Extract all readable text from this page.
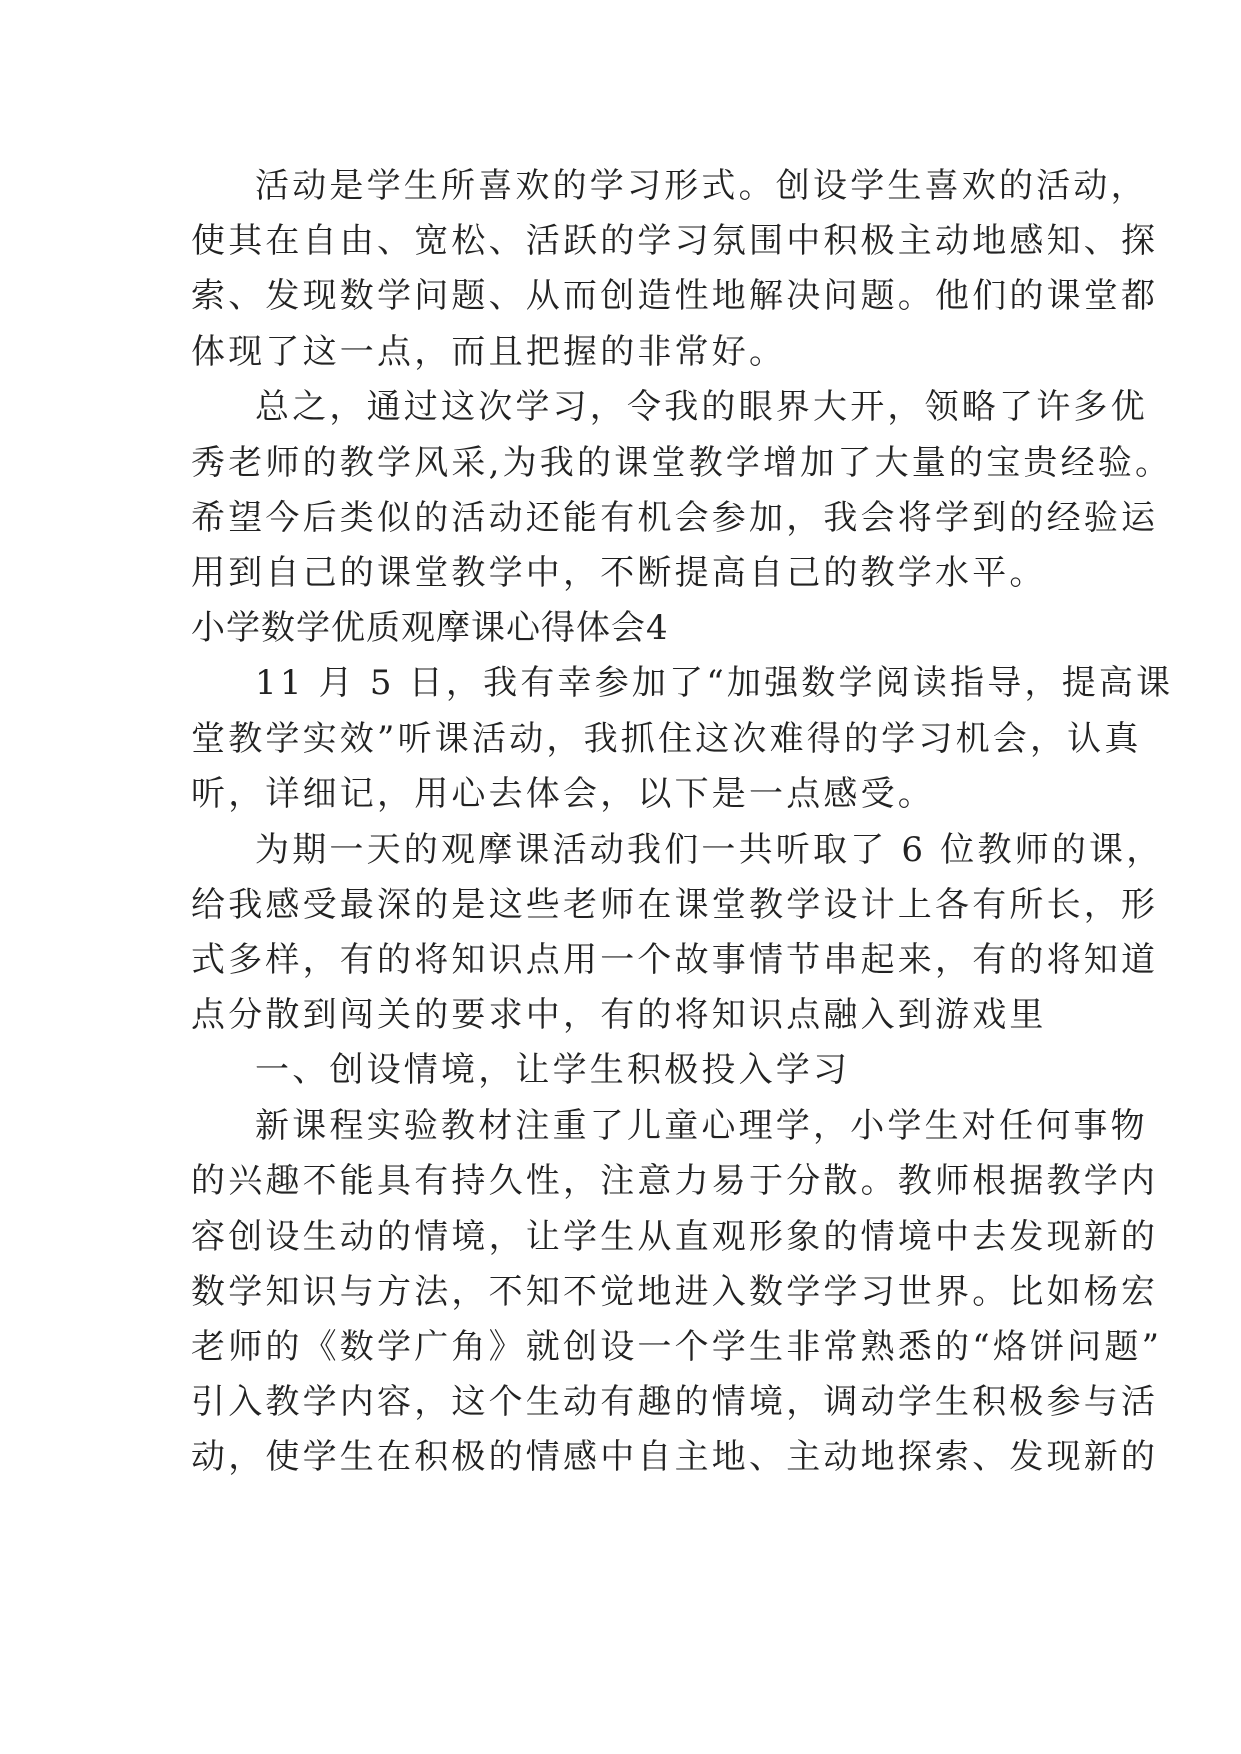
活动是学生所喜欢的学习形式。创设学生喜欢的活动，
使其在自由、宽松、活跃的学习氛围中积极主动地感知、探
索、发现数学问题、从而创造性地解决问题。他们的课堂都
体现了这一点，而且把握的非常好。
总之，通过这次学习，令我的眼界大开，领略了许多优
秀老师的教学风采,为我的课堂教学增加了大量的宝贵经验。
希望今后类似的活动还能有机会参加，我会将学到的经验运
用到自己的课堂教学中，不断提高自己的教学水平。
小学数学优质观摩课心得体会4
11 月 5 日，我有幸参加了“加强数学阅读指导，提高课
堂教学实效”听课活动，我抓住这次难得的学习机会，认真
听，详细记，用心去体会，以下是一点感受。
为期一天的观摩课活动我们一共听取了 6 位教师的课，
给我感受最深的是这些老师在课堂教学设计上各有所长，形
式多样，有的将知识点用一个故事情节串起来，有的将知道
点分散到闯关的要求中，有的将知识点融入到游戏里
一、创设情境，让学生积极投入学习
新课程实验教材注重了儿童心理学，小学生对任何事物
的兴趣不能具有持久性，注意力易于分散。教师根据教学内
容创设生动的情境，让学生从直观形象的情境中去发现新的
数学知识与方法，不知不觉地进入数学学习世界。比如杨宏
老师的《数学广角》就创设一个学生非常熟悉的“烙饼问题”
引入教学内容，这个生动有趣的情境，调动学生积极参与活
动，使学生在积极的情感中自主地、主动地探索、发现新的
